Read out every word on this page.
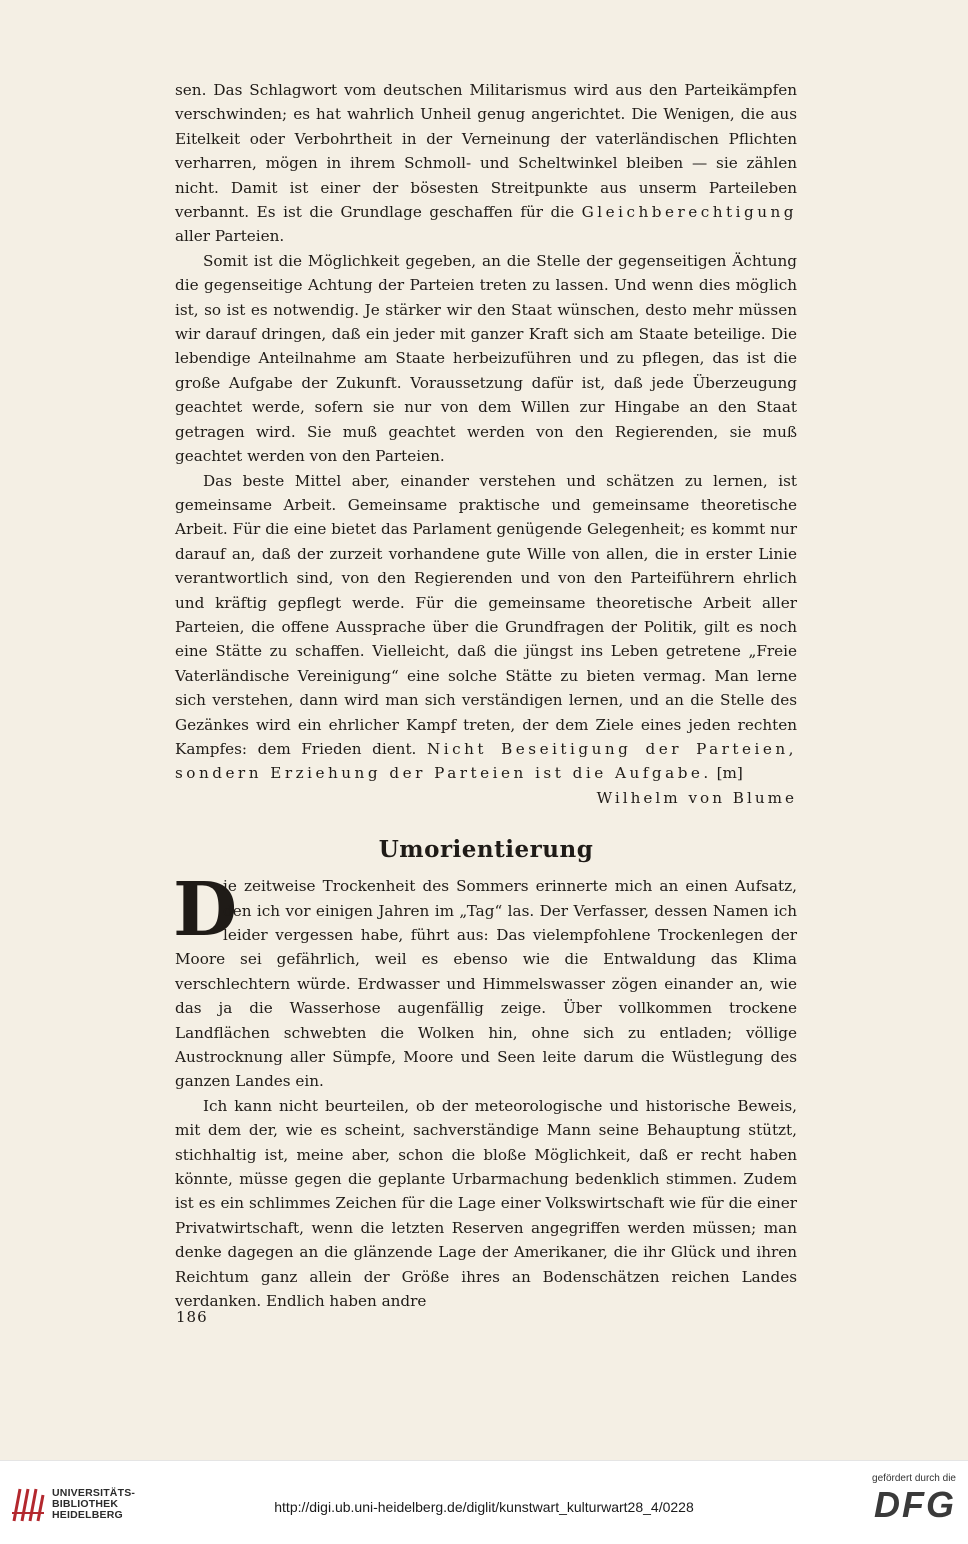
sen. Das Schlagwort vom deutschen Militarismus wird aus den Parteikämpfen verschwinden; es hat wahrlich Unheil genug angerichtet. Die Wenigen, die aus Eitelkeit oder Verbohrtheit in der Verneinung der vaterländischen Pflichten verharren, mögen in ihrem Schmoll- und Scheltwinkel bleiben — sie zählen nicht. Damit ist einer der bösesten Streitpunkte aus unserm Parteileben verbannt. Es ist die Grundlage geschaffen für die Gleichberechtigung aller Parteien.

Somit ist die Möglichkeit gegeben, an die Stelle der gegenseitigen Ächtung die gegenseitige Achtung der Parteien treten zu lassen. Und wenn dies möglich ist, so ist es notwendig. Je stärker wir den Staat wünschen, desto mehr müssen wir darauf dringen, daß ein jeder mit ganzer Kraft sich am Staate beteilige. Die lebendige Anteilnahme am Staate herbeizuführen und zu pflegen, das ist die große Aufgabe der Zukunft. Voraussetzung dafür ist, daß jede Überzeugung geachtet werde, sofern sie nur von dem Willen zur Hingabe an den Staat getragen wird. Sie muß geachtet werden von den Regierenden, sie muß geachtet werden von den Parteien.

Das beste Mittel aber, einander verstehen und schätzen zu lernen, ist gemeinsame Arbeit. Gemeinsame praktische und gemeinsame theoretische Arbeit. Für die eine bietet das Parlament genügende Gelegenheit; es kommt nur darauf an, daß der zurzeit vorhandene gute Wille von allen, die in erster Linie verantwortlich sind, von den Regierenden und von den Parteiführern ehrlich und kräftig gepflegt werde. Für die gemeinsame theoretische Arbeit aller Parteien, die offene Aussprache über die Grundfragen der Politik, gilt es noch eine Stätte zu schaffen. Vielleicht, daß die jüngst ins Leben getretene „Freie Vaterländische Vereinigung“ eine solche Stätte zu bieten vermag. Man lerne sich verstehen, dann wird man sich verständigen lernen, und an die Stelle des Gezänkes wird ein ehrlicher Kampf treten, der dem Ziele eines jeden rechten Kampfes: dem Frieden dient. Nicht Beseitigung der Parteien, sondern Erziehung der Parteien ist die Aufgabe. [m]
Wilhelm von Blume

Umorientierung

D
ie zeitweise Trockenheit des Sommers erinnerte mich an einen Aufsatz, den ich vor einigen Jahren im „Tag“ las. Der Verfasser, dessen Namen ich leider vergessen habe, führt aus: Das vielempfohlene Trockenlegen der Moore sei gefährlich, weil es ebenso wie die Entwaldung das Klima verschlechtern würde. Erdwasser und Himmelswasser zögen einander an, wie das ja die Wasserhose augenfällig zeige. Über vollkommen trockene Landflächen schwebten die Wolken hin, ohne sich zu entladen; völlige Austrocknung aller Sümpfe, Moore und Seen leite darum die Wüstlegung des ganzen Landes ein.

Ich kann nicht beurteilen, ob der meteorologische und historische Beweis, mit dem der, wie es scheint, sachverständige Mann seine Behauptung stützt, stichhaltig ist, meine aber, schon die bloße Möglichkeit, daß er recht haben könnte, müsse gegen die geplante Urbarmachung bedenklich stimmen. Zudem ist es ein schlimmes Zeichen für die Lage einer Volkswirtschaft wie für die einer Privatwirtschaft, wenn die letzten Reserven angegriffen werden müssen; man denke dagegen an die glänzende Lage der Amerikaner, die ihr Glück und ihren Reichtum ganz allein der Größe ihres an Bodenschätzen reichen Landes verdanken. Endlich haben andre

186
UNIVERSITÄTS-
BIBLIOTHEK
HEIDELBERG	http://digi.ub.uni-heidelberg.de/diglit/kunstwart_kulturwart28_4/0228
gefördert durch die
DFG
